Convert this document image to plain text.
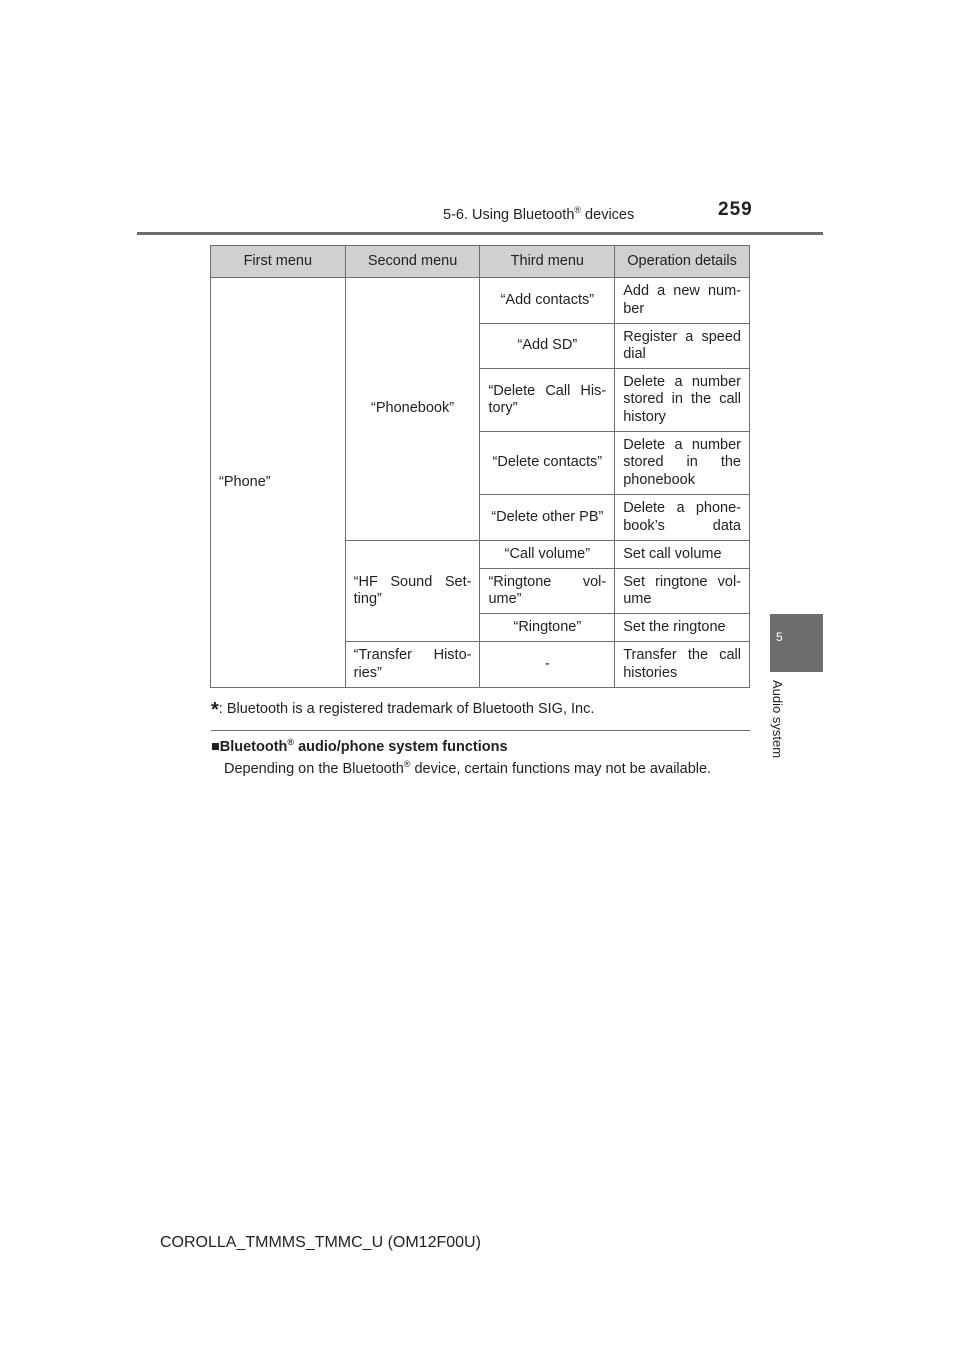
5-6. Using Bluetooth® devices	259
5
Audio system
First menu	Second menu	Third menu	Operation details
“Phone”	“Phonebook”	“Add contacts”	Add a new num-ber
		“Add SD”	Register a speed dial
		“Delete Call His-tory”	Delete a number stored in the call history
		“Delete contacts”	Delete a number stored in the phonebook
		“Delete other PB”	Delete a phone-book’s data
	“HF Sound Set-ting”	“Call volume”	Set call volume
		“Ringtone vol-ume”	Set ringtone vol-ume
		“Ringtone”	Set the ringtone
	“Transfer Histo-ries”	-	Transfer the call histories
*: Bluetooth is a registered trademark of Bluetooth SIG, Inc.
■Bluetooth® audio/phone system functions
Depending on the Bluetooth® device, certain functions may not be available.
COROLLA_TMMMS_TMMC_U (OM12F00U)
